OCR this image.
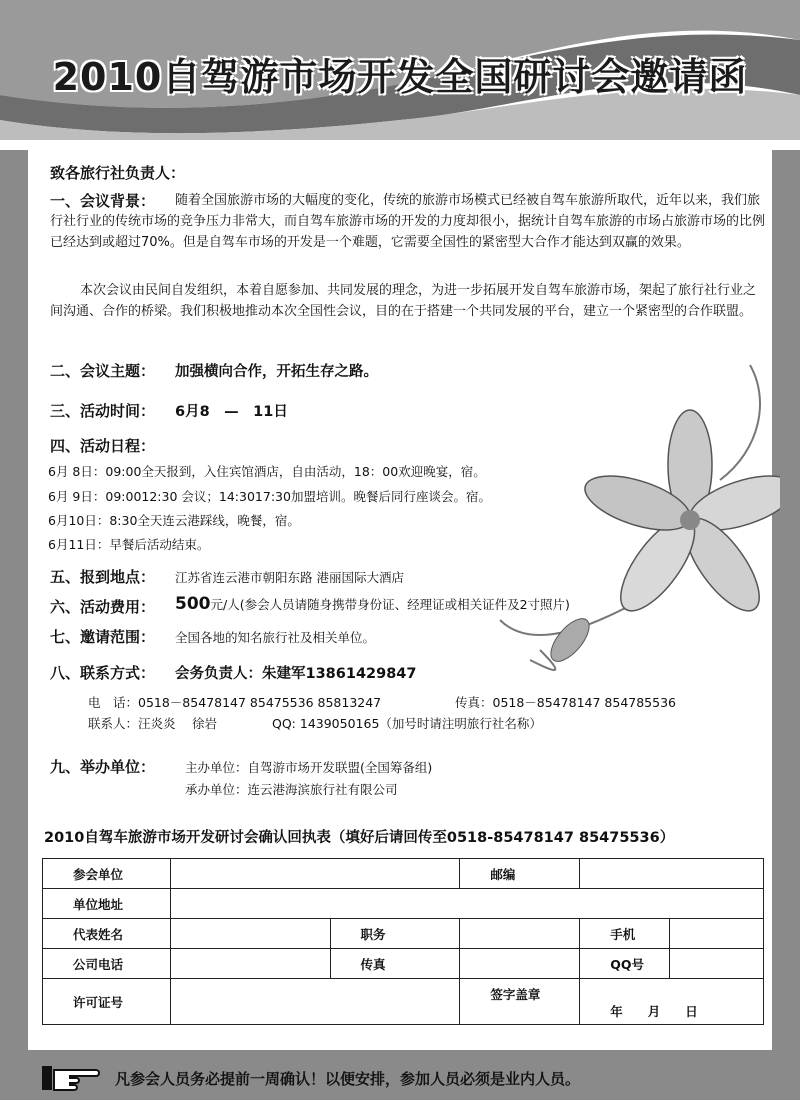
2010自驾游市场开发全国研讨会邀请函
致各旅行社负责人：
一、会议背景：	随着全国旅游市场的大幅度的变化，传统的旅游市场模式已经被自驾车旅游所取代，近年以来，我们旅行社行业的传统市场的竞争压力非常大，而自驾车旅游市场的开发的力度却很小，据统计自驾车旅游的市场占旅游市场的比例已经达到或超过70%。但是自驾车市场的开发是一个难题，它需要全国性的紧密型大合作才能达到双赢的效果。
本次会议由民间自发组织，本着自愿参加、共同发展的理念，为进一步拓展开发自驾车旅游市场，架起了旅行社行业之间沟通、合作的桥梁。我们积极地推动本次全国性会议，目的在于搭建一个共同发展的平台，建立一个紧密型的合作联盟。
二、会议主题： 加强横向合作，开拓生存之路。
三、活动时间： 6月8　—　11日
四、活动日程：
6月 8日：09:00全天报到，入住宾馆酒店，自由活动，18：00欢迎晚宴，宿。
6月 9日：09:0012:30 会议；14:3017:30加盟培训。晚餐后同行座谈会。宿。
6月10日：8:30全天连云港踩线，晚餐，宿。
6月11日：早餐后活动结束。
五、报到地点： 江苏省连云港市朝阳东路 港丽国际大酒店
六、活动费用： 500元/人(参会人员请随身携带身份证、经理证或相关证件及2寸照片)
七、邀请范围： 全国各地的知名旅行社及相关单位。
八、联系方式： 会务负责人：朱建军13861429847
电　话：0518－85478147 85475536 85813247	传真：0518－85478147 854785536
联系人：汪炎炎　 徐岩	QQ: 1439050165（加号时请注明旅行社名称）
九、举办单位： 主办单位：自驾游市场开发联盟(全国筹备组)
承办单位：连云港海滨旅行社有限公司
2010自驾车旅游市场开发研讨会确认回执表（填好后请回传至0518-85478147 85475536）
参会单位			邮编		
单位地址					
代表姓名		职务		手机	
公司电话		传真		QQ号	
许可证号			签字盖章	年　　月　　日	
凡参会人员务必提前一周确认！以便安排，参加人员必须是业内人员。
